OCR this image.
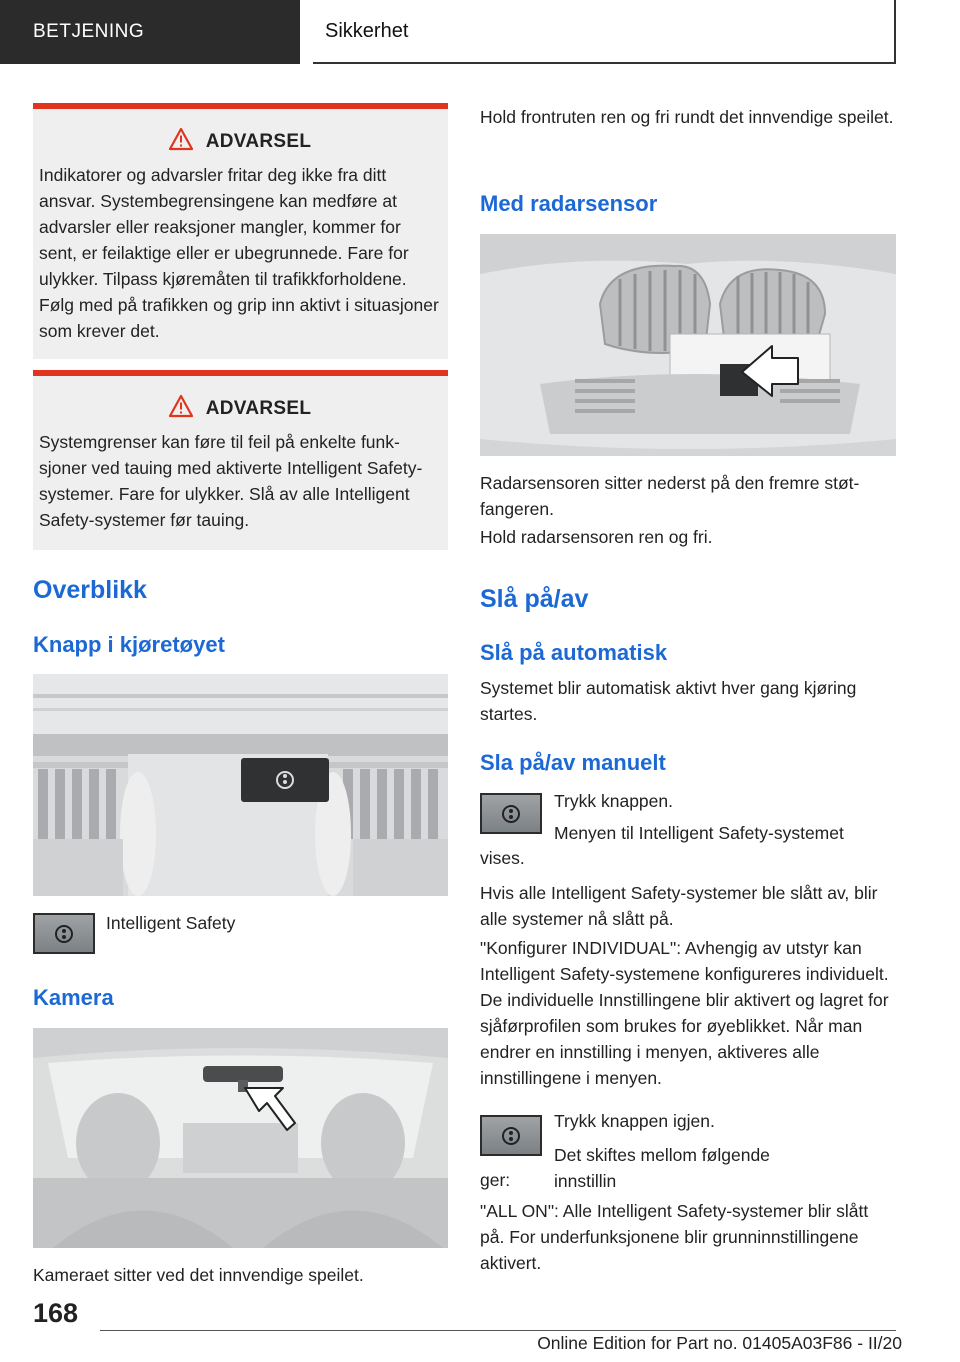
BETJENING	Sikkerhet
ADVARSEL
Indikatorer og advarsler fritar deg ikke fra ditt ansvar. Systembegrensingene kan medføre at advarsler eller reaksjoner mangler, kommer for sent, er feilaktige eller er ubegrunnede. Fare for ulykker. Tilpass kjøremåten til trafikkforholdene. Følg med på trafikken og grip inn aktivt i situasjoner som krever det.
ADVARSEL
Systemgrenser kan føre til feil på enkelte funksjoner ved tauing med aktiverte Intelligent Safety-systemer. Fare for ulykker. Slå av alle Intelligent Safety-systemer før tauing.
Overblikk
Knapp i kjøretøyet
Intelligent Safety
Kamera
Kameraet sitter ved det innvendige speilet.
Hold frontruten ren og fri rundt det innvendige speilet.
Med radarsensor
Radarsensoren sitter nederst på den fremre støtfangeren.
Hold radarsensoren ren og fri.
Slå på/av
Slå på automatisk
Systemet blir automatisk aktivt hver gang kjøring startes.
Sla på/av manuelt
Trykk knappen.
Menyen til Intelligent Safety-systemet
vises.
Hvis alle Intelligent Safety-systemer ble slått av, blir alle systemer nå slått på.
"Konfigurer INDIVIDUAL": Avhengig av utstyr kan Intelligent Safety-systemene konfigureres individuelt. De individuelle Innstillingene blir aktivert og lagret for sjåførprofilen som brukes for øyeblikket. Når man endrer en innstilling i menyen, aktiveres alle innstillingene i menyen.
Trykk knappen igjen.
Det skiftes mellom følgende innstillin
ger:
"ALL ON": Alle Intelligent Safety-systemer blir slått på. For underfunksjonene blir grunninnstillingene aktivert.
168
Online Edition for Part no. 01405A03F86 - II/20
